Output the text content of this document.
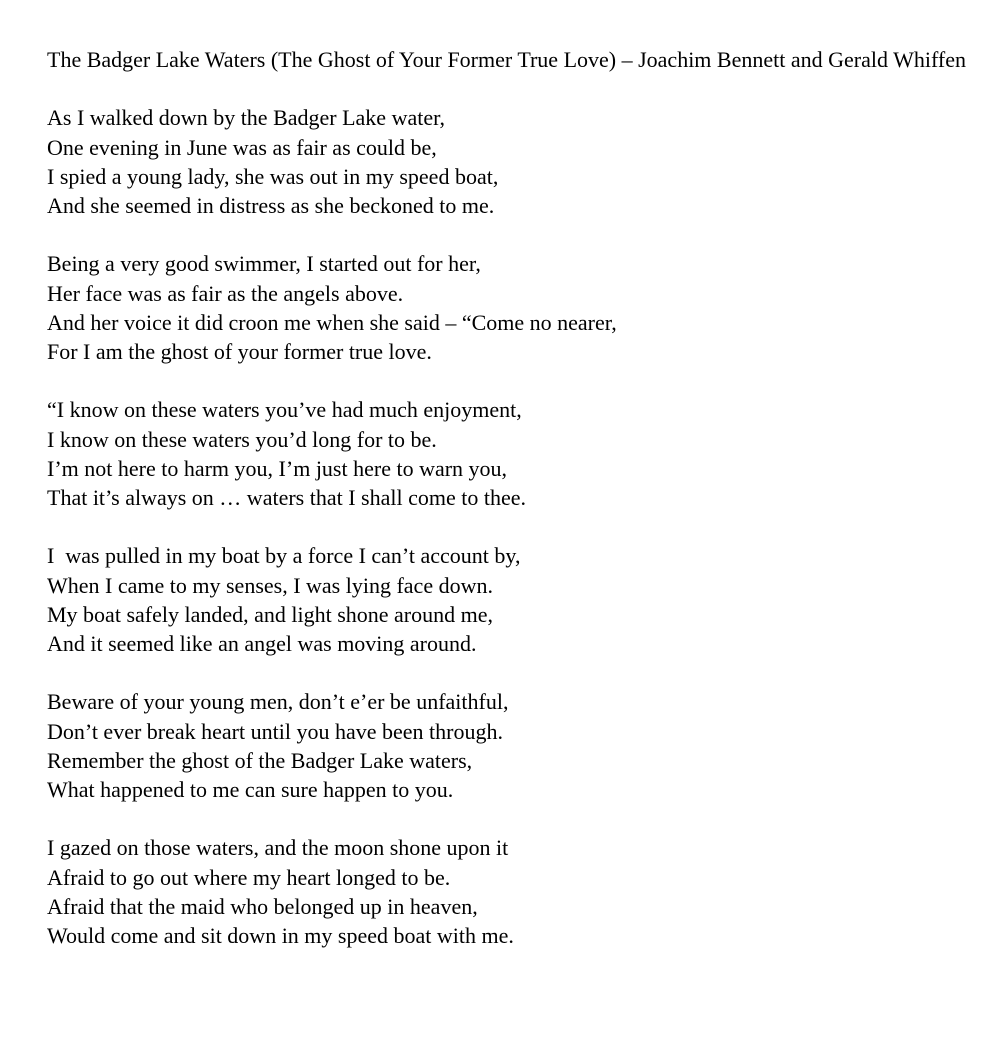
The Badger Lake Waters (The Ghost of Your Former True Love) – Joachim Bennett and Gerald Whiffen
As I walked down by the Badger Lake water,
One evening in June was as fair as could be,
I spied a young lady, she was out in my speed boat,
And she seemed in distress as she beckoned to me.
Being a very good swimmer, I started out for her,
Her face was as fair as the angels above.
And her voice it did croon me when she said – “Come no nearer,
For I am the ghost of your former true love.
“I know on these waters you’ve had much enjoyment,
I know on these waters you’d long for to be.
I’m not here to harm you, I’m just here to warn you,
That it’s always on … waters that I shall come to thee.
I  was pulled in my boat by a force I can’t account by,
When I came to my senses, I was lying face down.
My boat safely landed, and light shone around me,
And it seemed like an angel was moving around.
Beware of your young men, don’t e’er be unfaithful,
Don’t ever break heart until you have been through.
Remember the ghost of the Badger Lake waters,
What happened to me can sure happen to you.
I gazed on those waters, and the moon shone upon it
Afraid to go out where my heart longed to be.
Afraid that the maid who belonged up in heaven,
Would come and sit down in my speed boat with me.
